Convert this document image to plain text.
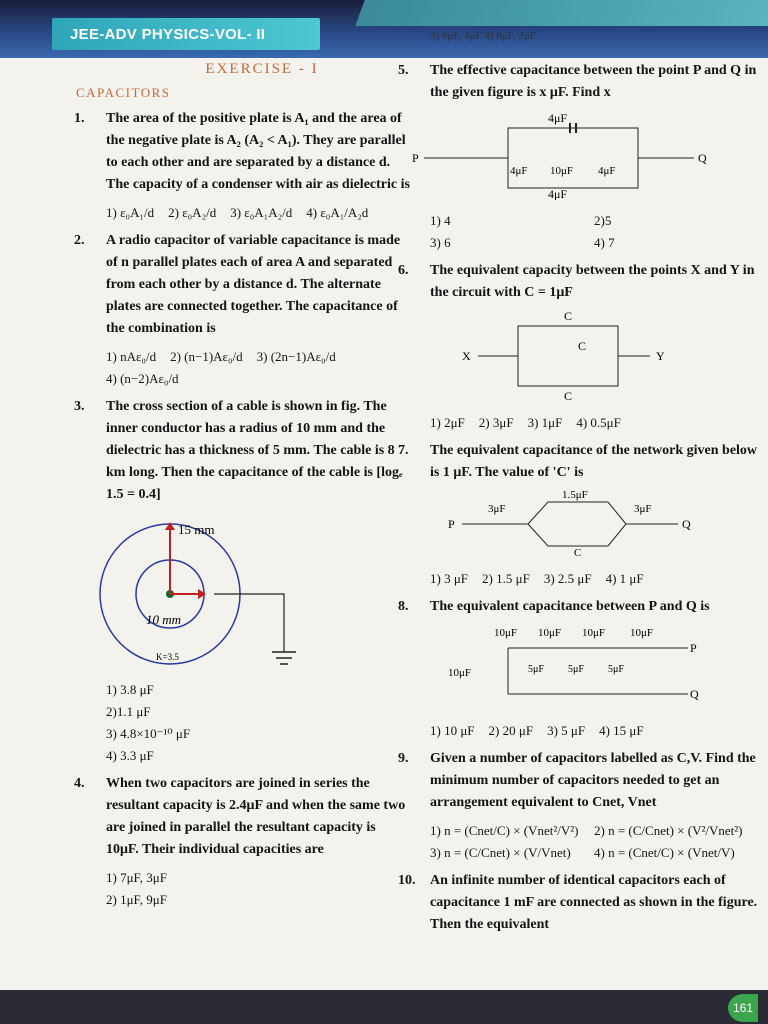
JEE-ADV PHYSICS-VOL- II	3) 6μF, 4μF 4) 8μF, 2μF
EXERCISE - I
CAPACITORS
1.	The area of the positive plate is A₁ and the area of the negative plate is A₂ (A₂ < A₁). They are parallel to each other and are separated by a distance d. The capacity of a condenser with air as dielectric is
1) ε₀A₁/d 2) ε₀A₂/d 3) ε₀A₁A₂/d 4) ε₀A₁/A₂d
2.	A radio capacitor of variable capacitance is made of n parallel plates each of area A and separated from each other by a distance d. The alternate plates are connected together. The capacitance of the combination is
1) nAε₀/d 2) (n−1)Aε₀/d 3) (2n−1)Aε₀/d
4) (n−2)Aε₀/d
3.	The cross section of a cable is shown in fig. The inner conductor has a radius of 10 mm and the dielectric has a thickness of 5 mm. The cable is 8 km long. Then the capacitance of the cable is [logₑ 1.5 = 0.4]
15 mm
10 mm
K=3.5
1) 3.8 μF
2)1.1 μF
3) 4.8×10⁻¹⁰ μF
4) 3.3 μF
4.	When two capacitors are joined in series the resultant capacity is 2.4μF and when the same two are joined in parallel the resultant capacity is 10μF. Their individual capacities are
1) 7μF, 3μF
2) 1μF, 9μF
5.	The effective capacitance between the point P and Q in the given figure is x μF. Find x
P	Q
4μF
4μF 10μF 4μF
4μF
1) 4	2)5
3) 6	4) 7
6.	The equivalent capacity between the points X and Y in the circuit with C = 1μF
X	Y
C
C
C
1) 2μF 2) 3μF 3) 1μF 4) 0.5μF
7.	The equivalent capacitance of the network given below is 1 μF. The value of 'C' is
P	Q
3μF
1.5μF
3μF
C
1) 3 μF 2) 1.5 μF 3) 2.5 μF 4) 1 μF
8.	The equivalent capacitance between P and Q is
10μF 10μF 10μF 10μF
P
Q
10μF	5μF 5μF 5μF
1) 10 μF 2) 20 μF 3) 5 μF 4) 15 μF
9.	Given a number of capacitors labelled as C,V. Find the minimum number of capacitors needed to get an arrangement equivalent to Cnet, Vnet
1) n = (Cnet/C) × (Vnet²/V²) 2) n = (C/Cnet) × (V²/Vnet²)
3) n = (C/Cnet) × (V/Vnet)	4) n = (Cnet/C) × (Vnet/V)
10.	An infinite number of identical capacitors each of capacitance 1 mF are connected as shown in the figure. Then the equivalent
161
